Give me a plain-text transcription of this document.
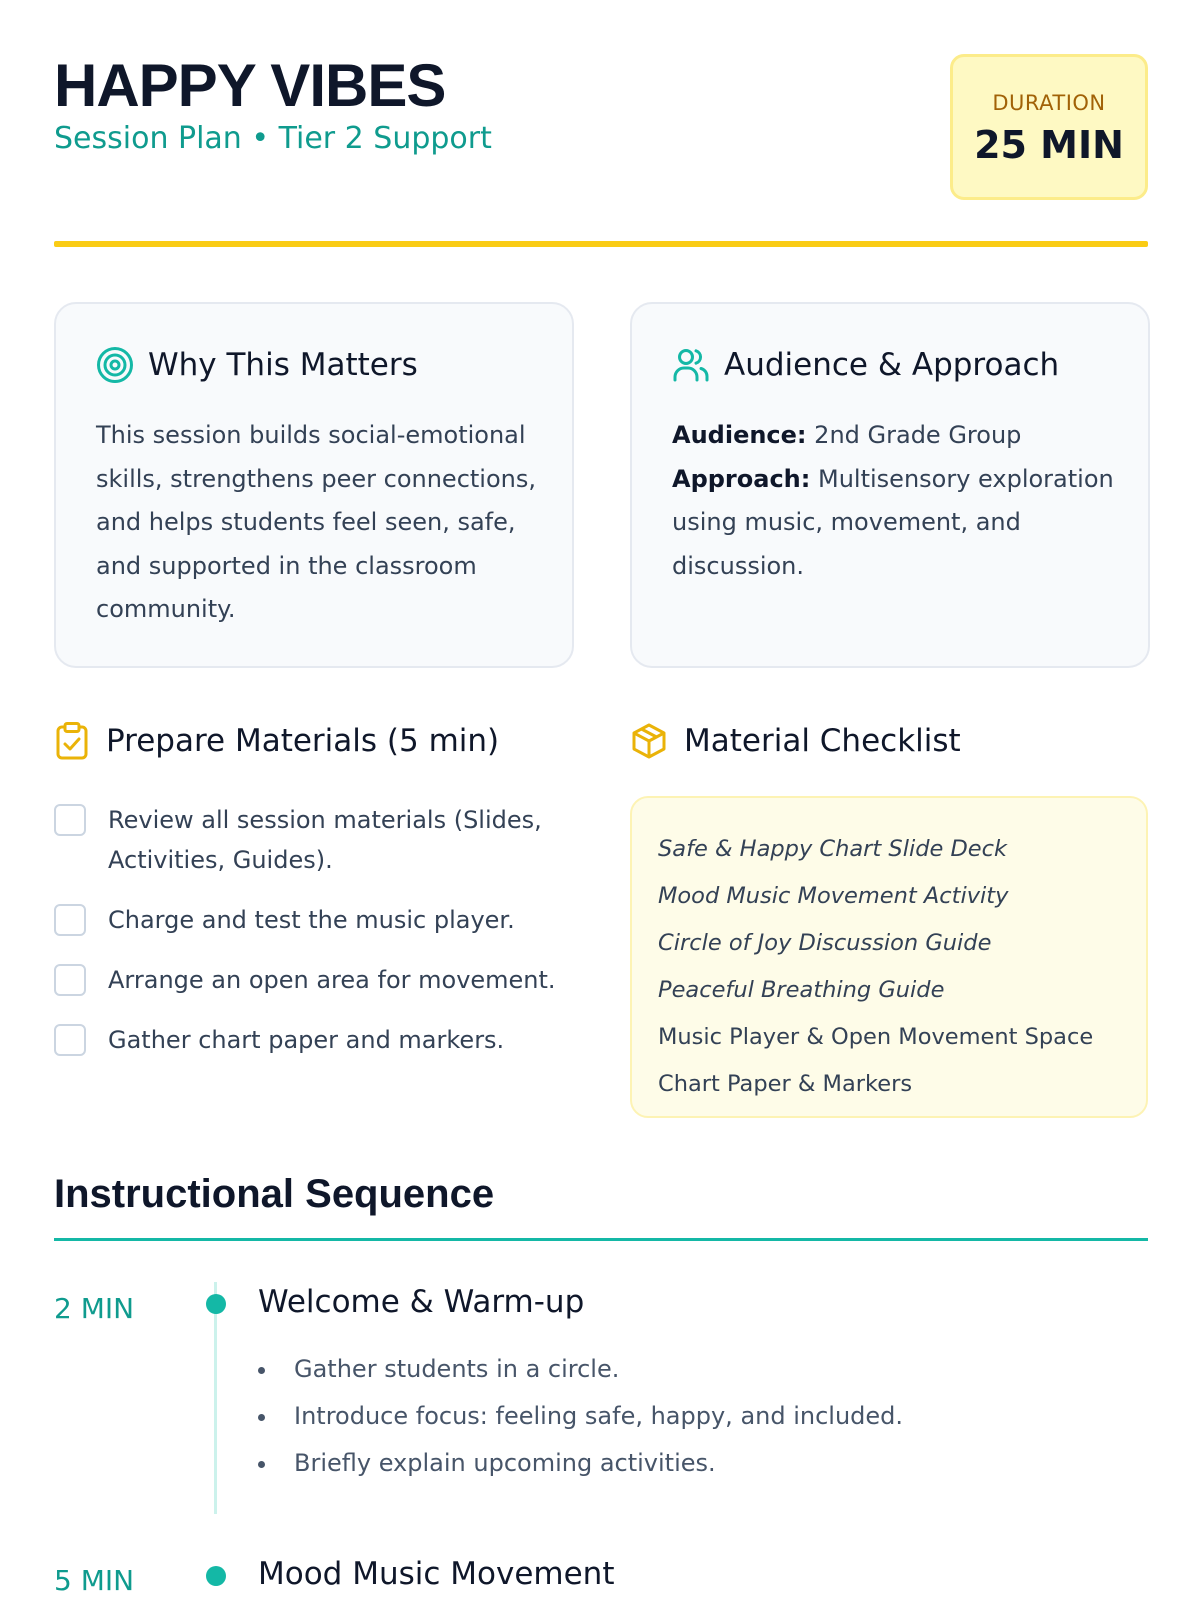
HAPPY VIBES
Session Plan • Tier 2 Support
DURATION
25 MIN
Why This Matters
This session builds social-emotional skills, strengthens peer connections, and helps students feel seen, safe, and supported in the classroom community.
Audience & Approach
Audience: 2nd Grade Group
Approach: Multisensory exploration using music, movement, and discussion.
Prepare Materials (5 min)
Review all session materials (Slides, Activities, Guides).
Charge and test the music player.
Arrange an open area for movement.
Gather chart paper and markers.
Material Checklist
Safe & Happy Chart Slide Deck
Mood Music Movement Activity
Circle of Joy Discussion Guide
Peaceful Breathing Guide
Music Player & Open Movement Space
Chart Paper & Markers
Instructional Sequence
2 MIN	Welcome & Warm-up
Gather students in a circle.
Introduce focus: feeling safe, happy, and included.
Briefly explain upcoming activities.
5 MIN	Mood Music Movement
